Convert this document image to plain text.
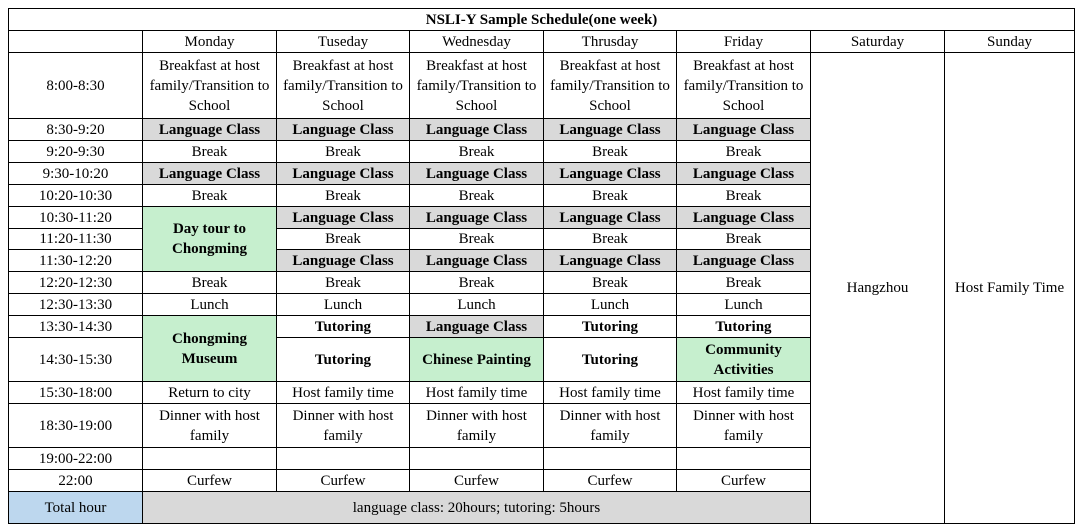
NSLI-Y Sample Schedule(one week)							
	Monday	Tuseday	Wednesday	Thrusday	Friday	Saturday	Sunday
8:00-8:30	Breakfast at host family/Transition to School	Breakfast at host family/Transition to School	Breakfast at host family/Transition to School	Breakfast at host family/Transition to School	Breakfast at host family/Transition to School	Hangzhou	Host Family Time
8:30-9:20	Language Class	Language Class	Language Class	Language Class	Language Class		
9:20-9:30	Break	Break	Break	Break	Break		
9:30-10:20	Language Class	Language Class	Language Class	Language Class	Language Class		
10:20-10:30	Break	Break	Break	Break	Break		
10:30-11:20	Day tour to Chongming	Language Class	Language Class	Language Class	Language Class		
11:20-11:30		Break	Break	Break	Break		
11:30-12:20		Language Class	Language Class	Language Class	Language Class		
12:20-12:30	Break	Break	Break	Break	Break		
12:30-13:30	Lunch	Lunch	Lunch	Lunch	Lunch		
13:30-14:30	Chongming Museum	Tutoring	Language Class	Tutoring	Tutoring		
14:30-15:30		Tutoring	Chinese Painting	Tutoring	Community Activities		
15:30-18:00	Return to city	Host family time	Host family time	Host family time	Host family time		
18:30-19:00	Dinner with host family	Dinner with host family	Dinner with host family	Dinner with host family	Dinner with host family		
19:00-22:00							
22:00	Curfew	Curfew	Curfew	Curfew	Curfew		
Total hour	language class: 20hours; tutoring: 5hours						
